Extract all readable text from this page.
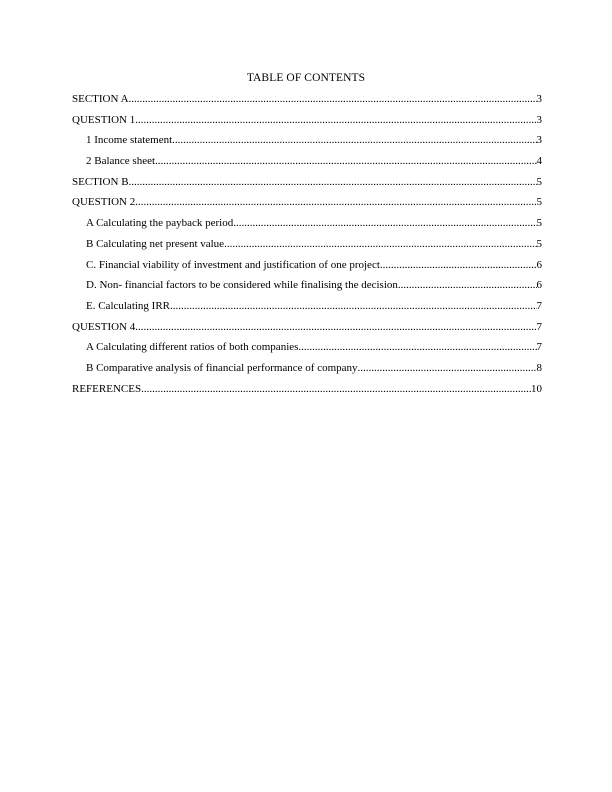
TABLE OF CONTENTS
SECTION A .....	3
QUESTION 1 .....	3
1 Income statement .....	3
2 Balance sheet .....	4
SECTION B .....	5
QUESTION 2 .....	5
A Calculating the payback period .....	5
B Calculating net present value .....	5
C. Financial viability of investment and justification of one project .....	6
D. Non- financial factors to be considered while finalising the decision .....	6
E. Calculating IRR .....	7
QUESTION 4 .....	7
A Calculating different ratios of both companies .....	7
B Comparative analysis of financial performance of company .....	8
REFERENCES .....	10
